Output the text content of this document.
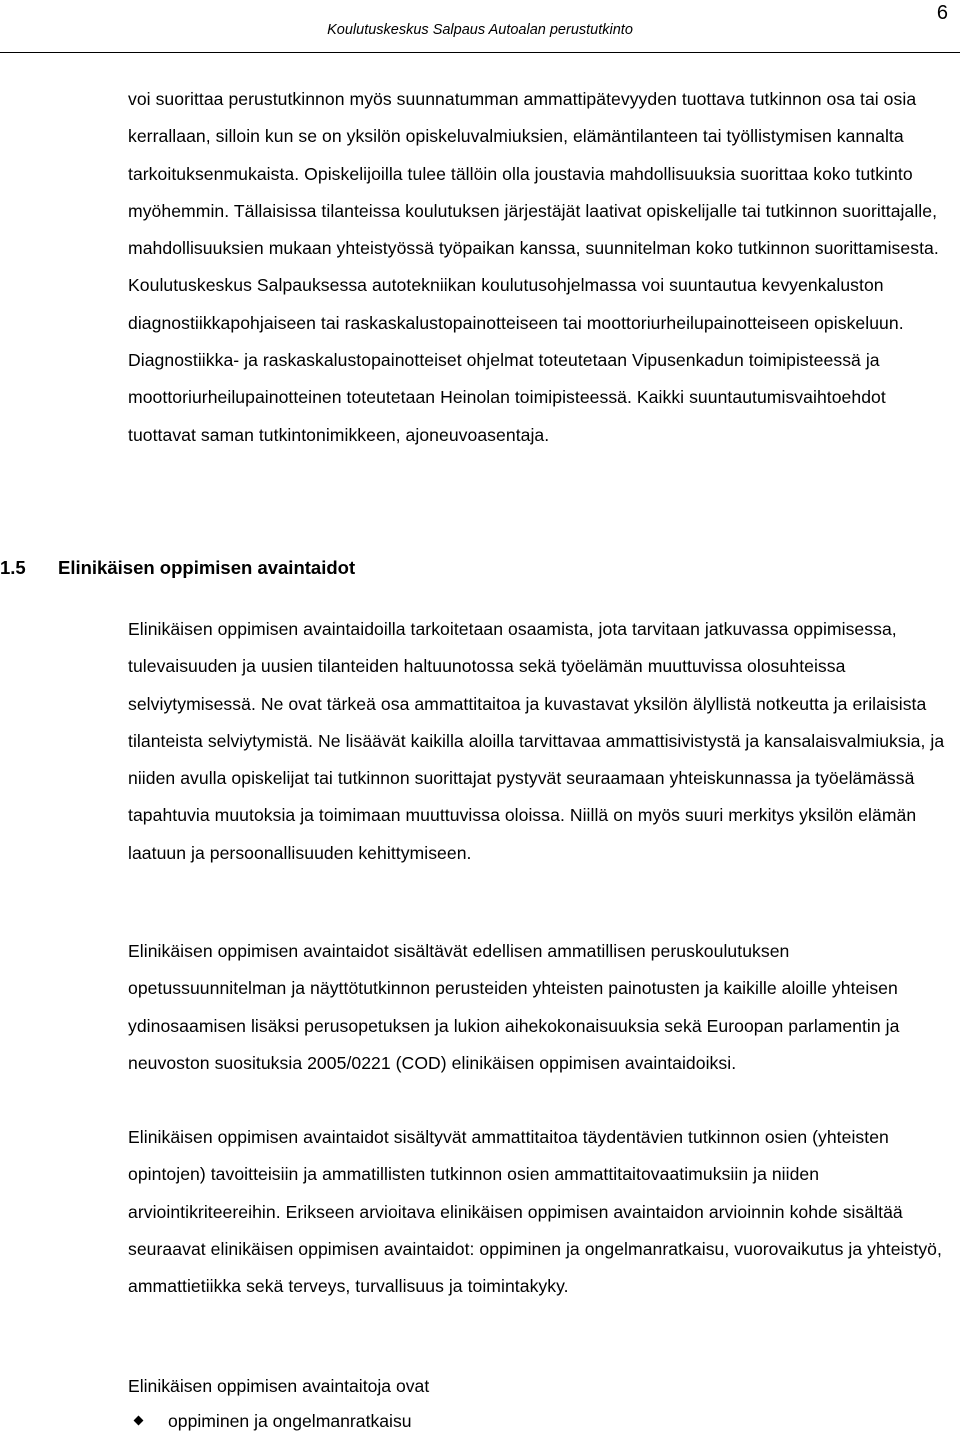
6
Koulutuskeskus Salpaus Autoalan perustutkinto

voi suorittaa perustutkinnon myös suunnatumman ammattipätevyyden tuottava tutkinnon osa tai osia kerrallaan, silloin kun se on yksilön opiskeluvalmiuksien, elämäntilanteen tai työllistymisen kannalta tarkoituksenmukaista. Opiskelijoilla tulee tällöin olla joustavia mahdollisuuksia suorittaa koko tutkinto myöhemmin. Tällaisissa tilanteissa koulutuksen järjestäjät laativat opiskelijalle tai tutkinnon suorittajalle, mahdollisuuksien mukaan yhteistyössä työpaikan kanssa, suunnitelman koko tutkinnon suorittamisesta. Koulutuskeskus Salpauksessa autotekniikan koulutusohjelmassa voi suuntautua kevyenkaluston diagnostiikkapohjaiseen tai raskaskalustopainotteiseen tai moottoriurheilupainotteiseen opiskeluun. Diagnostiikka- ja raskaskalustopainotteiset ohjelmat toteutetaan Vipusenkadun toimipisteessä ja moottoriurheilupainotteinen toteutetaan Heinolan toimipisteessä. Kaikki suuntautumisvaihtoehdot tuottavat saman tutkintonimikkeen, ajoneuvoasentaja.

1.5 Elinikäisen oppimisen avaintaidot

Elinikäisen oppimisen avaintaidoilla tarkoitetaan osaamista, jota tarvitaan jatkuvassa oppimisessa, tulevaisuuden ja uusien tilanteiden haltuunotossa sekä työelämän muuttuvissa olosuhteissa selviytymisessä. Ne ovat tärkeä osa ammattitaitoa ja kuvastavat yksilön älyllistä notkeutta ja erilaisista tilanteista selviytymistä. Ne lisäävät kaikilla aloilla tarvittavaa ammattisivistystä ja kansalaisvalmiuksia, ja niiden avulla opiskelijat tai tutkinnon suorittajat pystyvät seuraamaan yhteiskunnassa ja työelämässä tapahtuvia muutoksia ja toimimaan muuttuvissa oloissa. Niillä on myös suuri merkitys yksilön elämän laatuun ja persoonallisuuden kehittymiseen.

Elinikäisen oppimisen avaintaidot sisältävät edellisen ammatillisen peruskoulutuksen opetussuunnitelman ja näyttötutkinnon perusteiden yhteisten painotusten ja kaikille aloille yhteisen ydinosaamisen lisäksi perusopetuksen ja lukion aihekokonaisuuksia sekä Euroopan parlamentin ja neuvoston suosituksia 2005/0221 (COD) elinikäisen oppimisen avaintaidoiksi.

Elinikäisen oppimisen avaintaidot sisältyvät ammattitaitoa täydentävien tutkinnon osien (yhteisten opintojen) tavoitteisiin ja ammatillisten tutkinnon osien ammattitaitovaatimuksiin ja niiden arviointikriteereihin. Erikseen arvioitava elinikäisen oppimisen avaintaidon arvioinnin kohde sisältää seuraavat elinikäisen oppimisen avaintaidot: oppiminen ja ongelmanratkaisu, vuorovaikutus ja yhteistyö, ammattietiikka sekä terveys, turvallisuus ja toimintakyky.

Elinikäisen oppimisen avaintaitoja ovat

oppiminen ja ongelmanratkaisu
